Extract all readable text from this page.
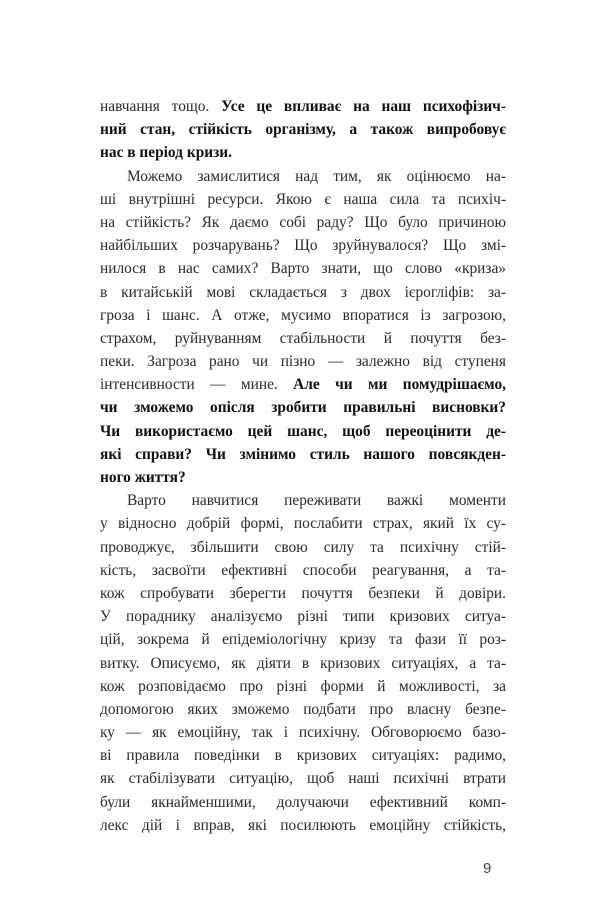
навчання тощо. Усе це впливає на наш психофізич-
ний стан, стійкість організму, а також випробовує
нас в період кризи.
Можемо замислитися над тим, як оцінюємо на-
ші внутрішні ресурси. Якою є наша сила та психіч-
на стійкість? Як даємо собі раду? Що було причиною
найбільших розчарувань? Що зруйнувалося? Що змі-
нилося в нас самих? Варто знати, що слово «криза»
в китайській мові складається з двох ієрогліфів: за-
гроза і шанс. А отже, мусимо впоратися із загрозою,
страхом, руйнуванням стабільности й почуття без-
пеки. Загроза рано чи пізно — залежно від ступеня
інтенсивности — мине. Але чи ми помудрішаємо,
чи зможемо опісля зробити правильні висновки?
Чи використаємо цей шанс, щоб переоцінити де-
які справи? Чи змінимо стиль нашого повсякден-
ного життя?
Варто навчитися переживати важкі моменти
у відносно добрій формі, послабити страх, який їх су-
проводжує, збільшити свою силу та психічну стій-
кість, засвоїти ефективні способи реагування, а та-
кож спробувати зберегти почуття безпеки й довіри.
У порадн​ику аналізуємо різні типи кризових ситуа-
цій, зокрема й епідеміологічну кризу та фази її роз-
витку. Описуємо, як діяти в кризових ситуаціях, а та-
кож розповідаємо про різні форми й можливості, за
допомогою яких зможемо подбати про власну безпе-
ку — як емоційну, так і психічну. Обговорюємо базо-
ві правила поведінки в кризових ситуаціях: радимо,
як стабілізувати ситуацію, щоб наші психічні втрати
були якнайменшими, долучаючи ефективний комп-
лекс дій і вправ, які посилюють емоційну стійкість,
9
